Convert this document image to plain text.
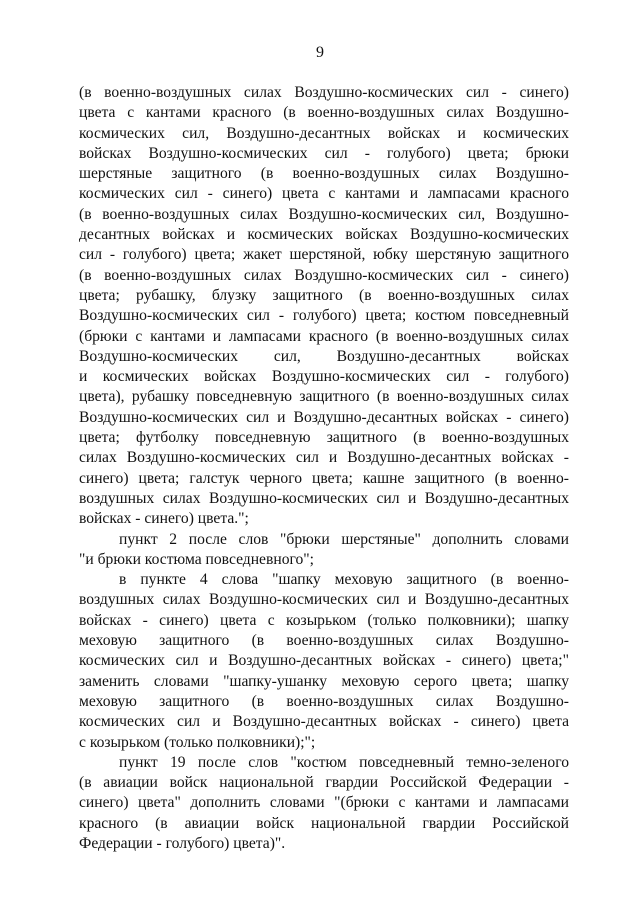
9
(в военно-воздушных силах Воздушно-космических сил - синего)
цвета с кантами красного (в военно-воздушных силах Воздушно-
космических сил, Воздушно-десантных войсках и космических
войсках Воздушно-космических сил - голубого) цвета; брюки
шерстяные защитного (в военно-воздушных силах Воздушно-
космических сил - синего) цвета с кантами и лампасами красного
(в военно-воздушных силах Воздушно-космических сил, Воздушно-
десантных войсках и космических войсках Воздушно-космических
сил - голубого) цвета; жакет шерстяной, юбку шерстяную защитного
(в военно-воздушных силах Воздушно-космических сил - синего)
цвета; рубашку, блузку защитного (в военно-воздушных силах
Воздушно-космических сил - голубого) цвета; костюм повседневный
(брюки с кантами и лампасами красного (в военно-воздушных силах
Воздушно-космических сил, Воздушно-десантных войсках
и космических войсках Воздушно-космических сил - голубого)
цвета), рубашку повседневную защитного (в военно-воздушных силах
Воздушно-космических сил и Воздушно-десантных войсках - синего)
цвета; футболку повседневную защитного (в военно-воздушных
силах Воздушно-космических сил и Воздушно-десантных войсках -
синего) цвета; галстук черного цвета; кашне защитного (в военно-
воздушных силах Воздушно-космических сил и Воздушно-десантных
войсках - синего) цвета.";
пункт 2 после слов "брюки шерстяные" дополнить словами
"и брюки костюма повседневного";
в пункте 4 слова "шапку меховую защитного (в военно-
воздушных силах Воздушно-космических сил и Воздушно-десантных
войсках - синего) цвета с козырьком (только полковники); шапку
меховую защитного (в военно-воздушных силах Воздушно-
космических сил и Воздушно-десантных войсках - синего) цвета;"
заменить словами "шапку-ушанку меховую серого цвета; шапку
меховую защитного (в военно-воздушных силах Воздушно-
космических сил и Воздушно-десантных войсках - синего) цвета
с козырьком (только полковники);";
пункт 19 после слов "костюм повседневный темно-зеленого
(в авиации войск национальной гвардии Российской Федерации -
синего) цвета" дополнить словами "(брюки с кантами и лампасами
красного (в авиации войск национальной гвардии Российской
Федерации - голубого) цвета)".
